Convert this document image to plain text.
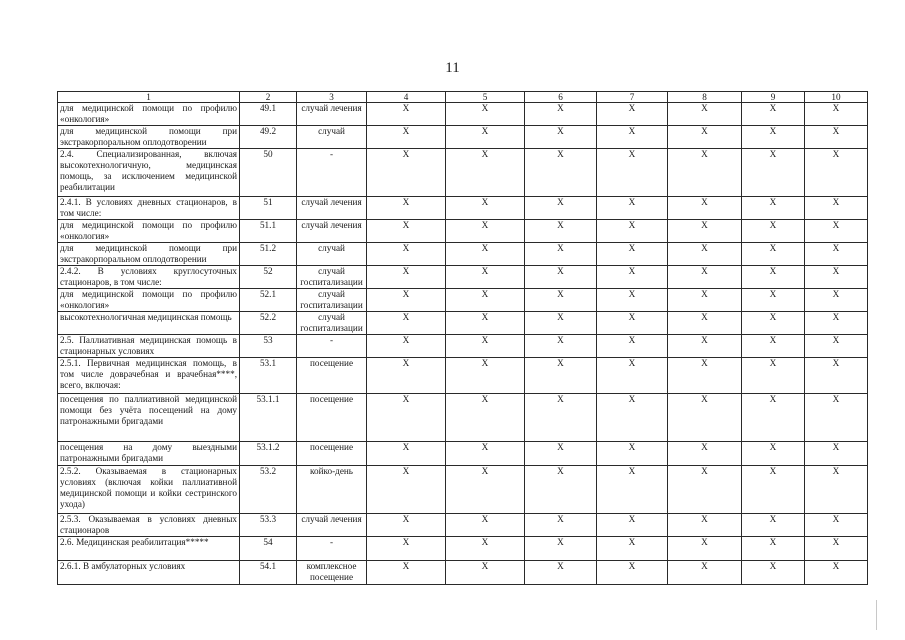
11
1	2	3	4	5	6	7	8	9	10
для медицинской помощи по профилю «онкология»	49.1	случай лечения	X	X	X	X	X	X	X
для медицинской помощи при экстракорпоральном оплодотворении	49.2	случай	X	X	X	X	X	X	X
2.4. Специализированная, включая высокотехнологичную, медицинская помощь, за исключением медицинской реабилитации	50	-	X	X	X	X	X	X	X
2.4.1. В условиях дневных стационаров, в том числе:	51	случай лечения	X	X	X	X	X	X	X
для медицинской помощи по профилю «онкология»	51.1	случай лечения	X	X	X	X	X	X	X
для медицинской помощи при экстракорпоральном оплодотворении	51.2	случай	X	X	X	X	X	X	X
2.4.2. В условиях круглосуточных стационаров, в том числе:	52	случай госпитализации	X	X	X	X	X	X	X
для медицинской помощи по профилю «онкология»	52.1	случай госпитализации	X	X	X	X	X	X	X
высокотехнологичная медицинская помощь	52.2	случай госпитализации	X	X	X	X	X	X	X
2.5. Паллиативная медицинская помощь в стационарных условиях	53	-	X	X	X	X	X	X	X
2.5.1. Первичная медицинская помощь, в том числе доврачебная и врачебная****, всего, включая:	53.1	посещение	X	X	X	X	X	X	X
посещения по паллиативной медицинской помощи без учёта посещений на дому патронажными бригадами	53.1.1	посещение	X	X	X	X	X	X	X
посещения на дому выездными патронажными бригадами	53.1.2	посещение	X	X	X	X	X	X	X
2.5.2. Оказываемая в стационарных условиях (включая койки паллиативной медицинской помощи и койки сестринского ухода)	53.2	койко-день	X	X	X	X	X	X	X
2.5.3. Оказываемая в условиях дневных стационаров	53.3	случай лечения	X	X	X	X	X	X	X
2.6. Медицинская реабилитация*****	54	-	X	X	X	X	X	X	X
2.6.1. В амбулаторных условиях	54.1	комплексное посещение	X	X	X	X	X	X	X
